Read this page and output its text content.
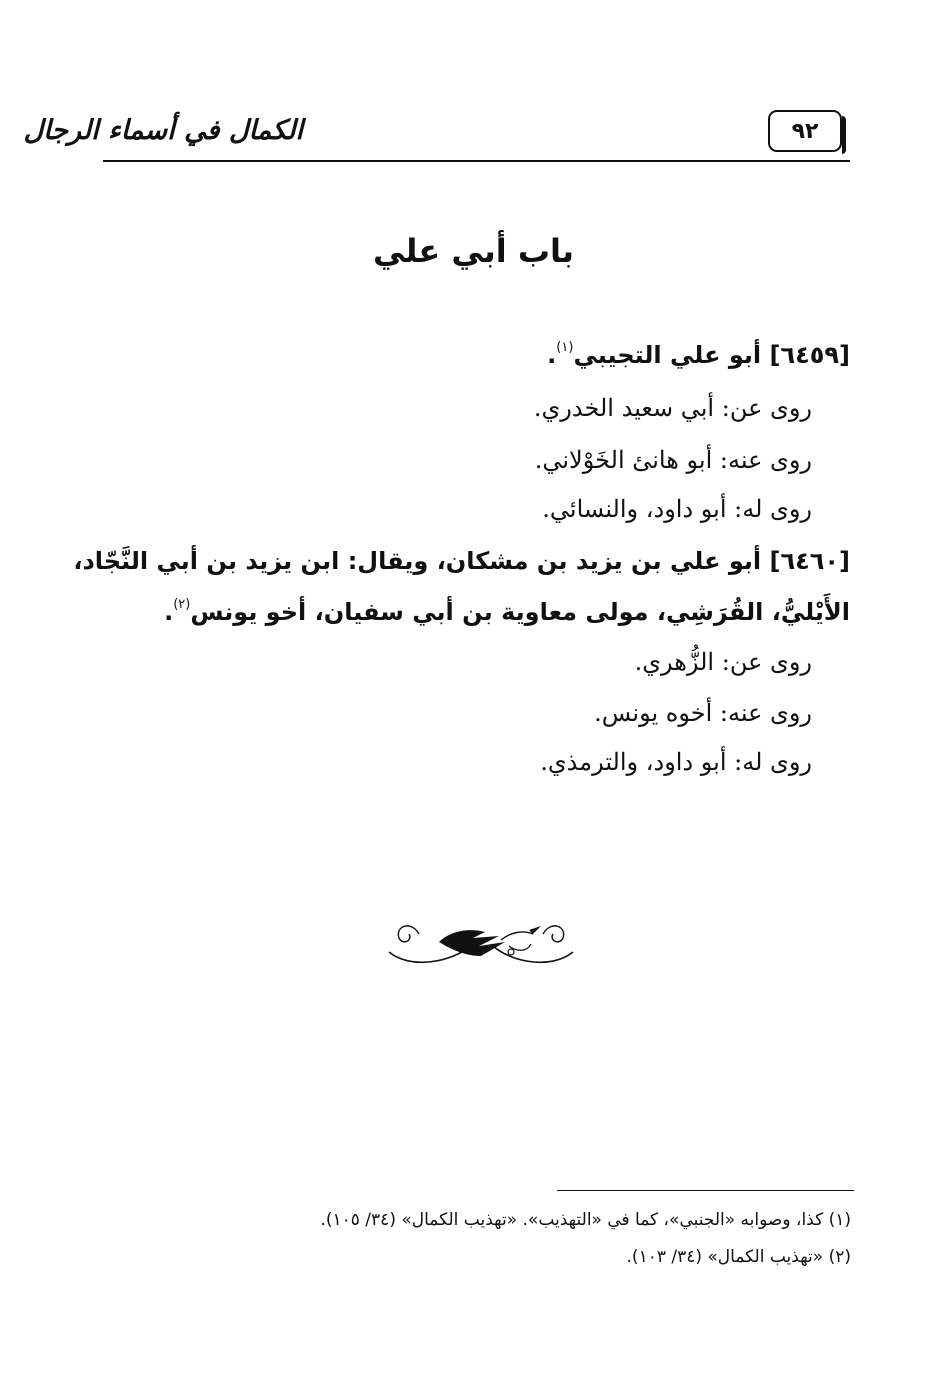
٩٢
الكمال في أسماء الرجال
باب أبي علي
[٦٤٥٩] أبو علي التجيبي$^{(١)}$.
روى عن: أبي سعيد الخدري.
روى عنه: أبو هانئ الخَوْلاني.
روى له: أبو داود، والنسائي.
[٦٤٦٠] أبو علي بن يزيد بن مشكان، ويقال: ابن يزيد بن أبي النَّجّاد،
الأَيْليُّ، القُرَشِي، مولى معاوية بن أبي سفيان، أخو يونس$^{(٢)}$.
روى عن: الزُّهري.
روى عنه: أخوه يونس.
روى له: أبو داود، والترمذي.
(١) كذا، وصوابه «الجنبي»، كما في «التهذيب». «تهذيب الكمال» (٣٤/ ١٠٥).
(٢) «تهذيب الكمال» (٣٤/ ١٠٣).
